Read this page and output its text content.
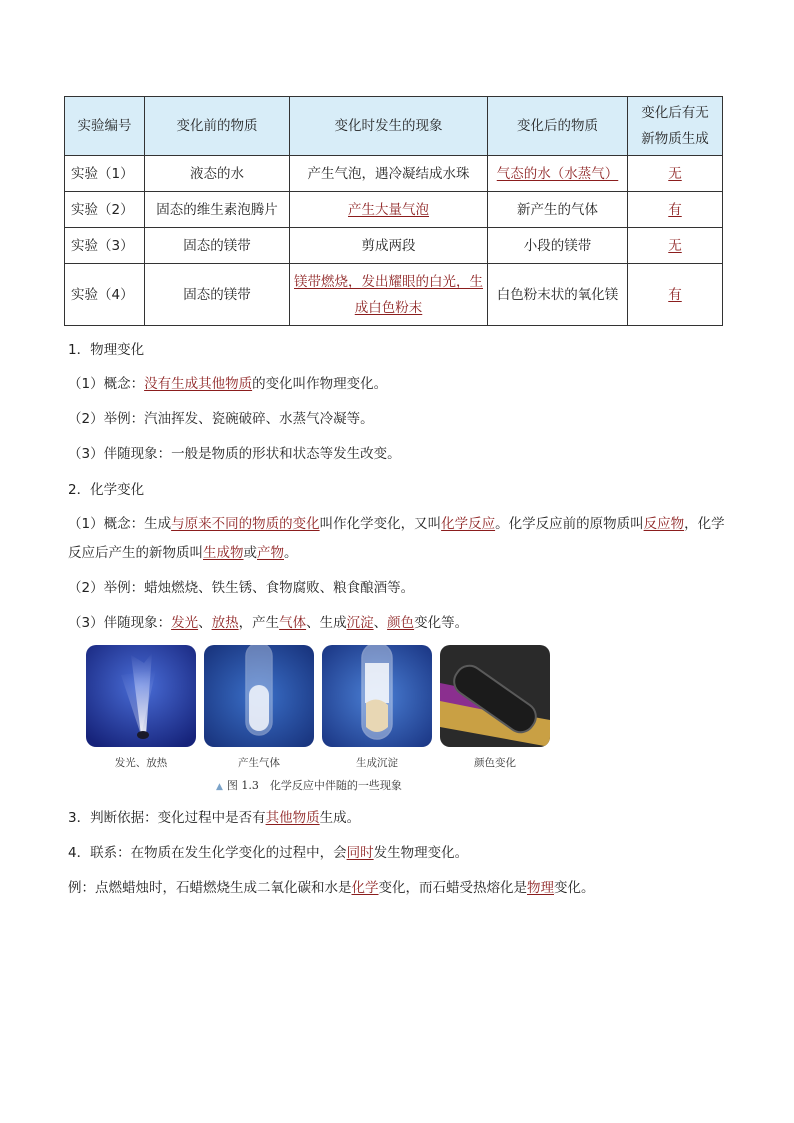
实验编号	变化前的物质	变化时发生的现象	变化后的物质	变化后有无
新物质生成
实验（1）	液态的水	产生气泡，遇冷凝结成水珠	气态的水（水蒸气）	无
实验（2）	固态的维生素泡腾片	产生大量气泡	新产生的气体	有
实验（3）	固态的镁带	剪成两段	小段的镁带	无
实验（4）	固态的镁带	镁带燃烧，发出耀眼的白光，生成白色粉末	白色粉末状的氧化镁	有
1．物理变化
（1）概念：没有生成其他物质的变化叫作物理变化。
（2）举例：汽油挥发、瓷碗破碎、水蒸气冷凝等。
（3）伴随现象：一般是物质的形状和状态等发生改变。
2．化学变化
（1）概念：生成与原来不同的物质的变化叫作化学变化，又叫化学反应。化学反应前的原物质叫反应物，化学反应后产生的新物质叫生成物或产物。
（2）举例：蜡烛燃烧、铁生锈、食物腐败、粮食酿酒等。
（3）伴随现象：发光、放热，产生气体、生成沉淀、颜色变化等。
发光、放热	产生气体	生成沉淀	颜色变化
▲ 图 1.3　化学反应中伴随的一些现象
3．判断依据：变化过程中是否有其他物质生成。
4．联系：在物质在发生化学变化的过程中，会同时发生物理变化。
例：点燃蜡烛时，石蜡燃烧生成二氧化碳和水是化学变化，而石蜡受热熔化是物理变化。
